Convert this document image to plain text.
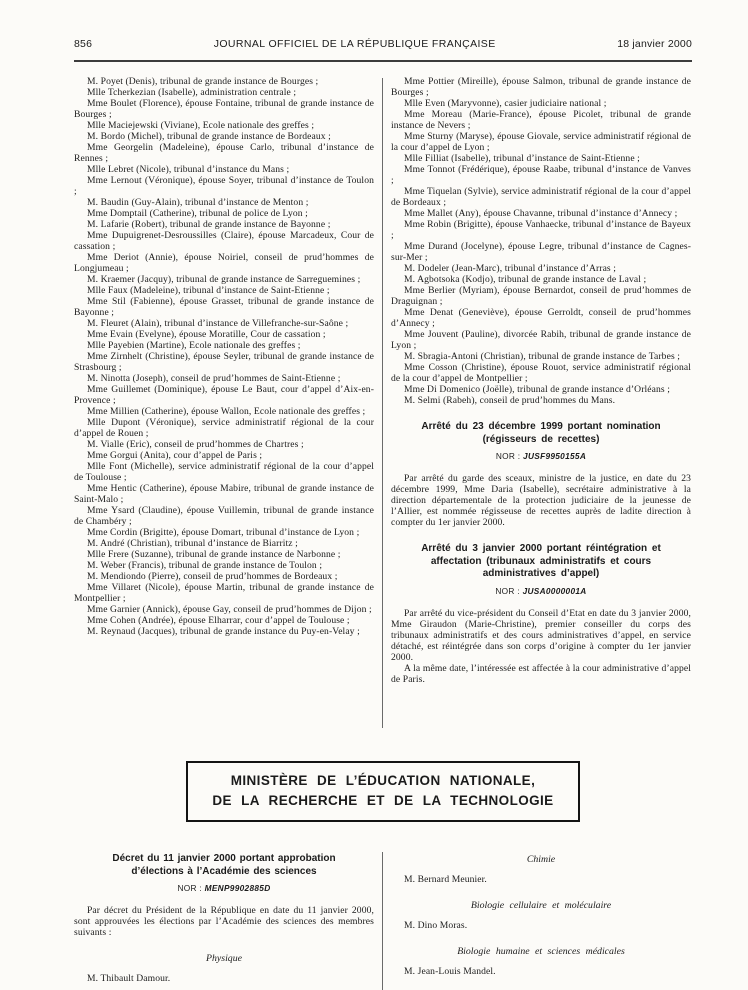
856	JOURNAL OFFICIEL DE LA RÉPUBLIQUE FRANÇAISE	18 janvier 2000

M. Poyet (Denis), tribunal de grande instance de Bourges ;

Mlle Tcherkezian (Isabelle), administration centrale ;

Mme Boulet (Florence), épouse Fontaine, tribunal de grande instance de Bourges ;

Mlle Maciejewski (Viviane), Ecole nationale des greffes ;

M. Bordo (Michel), tribunal de grande instance de Bordeaux ;

Mme Georgelin (Madeleine), épouse Carlo, tribunal d’instance de Rennes ;

Mlle Lebret (Nicole), tribunal d’instance du Mans ;

Mme Lernout (Véronique), épouse Soyer, tribunal d’instance de Toulon ;

M. Baudin (Guy-Alain), tribunal d’instance de Menton ;

Mme Domptail (Catherine), tribunal de police de Lyon ;

M. Lafarie (Robert), tribunal de grande instance de Bayonne ;

Mme Dupuigrenet-Desroussilles (Claire), épouse Marcadeux, Cour de cassation ;

Mme Deriot (Annie), épouse Noiriel, conseil de prud’hommes de Longjumeau ;

M. Kraemer (Jacquy), tribunal de grande instance de Sarreguemines ;

Mlle Faux (Madeleine), tribunal d’instance de Saint-Etienne ;

Mme Stil (Fabienne), épouse Grasset, tribunal de grande instance de Bayonne ;

M. Fleuret (Alain), tribunal d’instance de Villefranche-sur-Saône ;

Mme Evain (Evelyne), épouse Moratille, Cour de cassation ;

Mlle Payebien (Martine), Ecole nationale des greffes ;

Mme Zirnhelt (Christine), épouse Seyler, tribunal de grande instance de Strasbourg ;

M. Ninotta (Joseph), conseil de prud’hommes de Saint-Etienne ;

Mme Guillemet (Dominique), épouse Le Baut, cour d’appel d’Aix-en-Provence ;

Mme Millien (Catherine), épouse Wallon, Ecole nationale des greffes ;

Mlle Dupont (Véronique), service administratif régional de la cour d’appel de Rouen ;

M. Vialle (Eric), conseil de prud’hommes de Chartres ;

Mme Gorgui (Anita), cour d’appel de Paris ;

Mlle Font (Michelle), service administratif régional de la cour d’appel de Toulouse ;

Mme Hentic (Catherine), épouse Mabire, tribunal de grande instance de Saint-Malo ;

Mme Ysard (Claudine), épouse Vuillemin, tribunal de grande instance de Chambéry ;

Mme Cordin (Brigitte), épouse Domart, tribunal d’instance de Lyon ;

M. André (Christian), tribunal d’instance de Biarritz ;

Mlle Frere (Suzanne), tribunal de grande instance de Narbonne ;

M. Weber (Francis), tribunal de grande instance de Toulon ;

M. Mendiondo (Pierre), conseil de prud’hommes de Bordeaux ;

Mme Villaret (Nicole), épouse Martin, tribunal de grande instance de Montpellier ;

Mme Garnier (Annick), épouse Gay, conseil de prud’hommes de Dijon ;

Mme Cohen (Andrée), épouse Elharrar, cour d’appel de Toulouse ;

M. Reynaud (Jacques), tribunal de grande instance du Puy-en-Velay ;

Mme Pottier (Mireille), épouse Salmon, tribunal de grande instance de Bourges ;

Mlle Even (Maryvonne), casier judiciaire national ;

Mme Moreau (Marie-France), épouse Picolet, tribunal de grande instance de Nevers ;

Mme Sturny (Maryse), épouse Giovale, service administratif régional de la cour d’appel de Lyon ;

Mlle Filliat (Isabelle), tribunal d’instance de Saint-Etienne ;

Mme Tonnot (Frédérique), épouse Raabe, tribunal d’instance de Vanves ;

Mme Tiquelan (Sylvie), service administratif régional de la cour d’appel de Bordeaux ;

Mme Mallet (Any), épouse Chavanne, tribunal d’instance d’Annecy ;

Mme Robin (Brigitte), épouse Vanhaecke, tribunal d’instance de Bayeux ;

Mme Durand (Jocelyne), épouse Legre, tribunal d’instance de Cagnes-sur-Mer ;

M. Dodeler (Jean-Marc), tribunal d’instance d’Arras ;

M. Agbotsoka (Kodjo), tribunal de grande instance de Laval ;

Mme Berlier (Myriam), épouse Bernardot, conseil de prud’hommes de Draguignan ;

Mme Denat (Geneviève), épouse Gerroldt, conseil de prud’hommes d’Annecy ;

Mme Jouvent (Pauline), divorcée Rabih, tribunal de grande instance de Lyon ;

M. Sbragia-Antoni (Christian), tribunal de grande instance de Tarbes ;

Mme Cosson (Christine), épouse Rouot, service administratif régional de la cour d’appel de Montpellier ;

Mme Di Domenico (Joëlle), tribunal de grande instance d’Orléans ;

M. Selmi (Rabeh), conseil de prud’hommes du Mans.

Arrêté du 23 décembre 1999 portant nomination (régisseurs de recettes)
NOR : JUSF9950155A

Par arrêté du garde des sceaux, ministre de la justice, en date du 23 décembre 1999, Mme Daria (Isabelle), secrétaire administrative à la direction départementale de la protection judiciaire de la jeunesse de l’Allier, est nommée régisseuse de recettes auprès de ladite direction à compter du 1er janvier 2000.

Arrêté du 3 janvier 2000 portant réintégration et affectation (tribunaux administratifs et cours administratives d’appel)
NOR : JUSA0000001A

Par arrêté du vice-président du Conseil d’Etat en date du 3 janvier 2000, Mme Giraudon (Marie-Christine), premier conseiller du corps des tribunaux administratifs et des cours administratives d’appel, en service détaché, est réintégrée dans son corps d’origine à compter du 1er janvier 2000.

A la même date, l’intéressée est affectée à la cour administrative d’appel de Paris.

MINISTÈRE DE L’ÉDUCATION NATIONALE,
DE LA RECHERCHE ET DE LA TECHNOLOGIE
Décret du 11 janvier 2000 portant approbation d’élections à l’Académie des sciences
NOR : MENP9902885D

Par décret du Président de la République en date du 11 janvier 2000, sont approuvées les élections par l’Académie des sciences des membres suivants :

Physique

M. Thibault Damour.

Chimie

M. Bernard Meunier.

Biologie cellulaire et moléculaire

M. Dino Moras.

Biologie humaine et sciences médicales

M. Jean-Louis Mandel.
